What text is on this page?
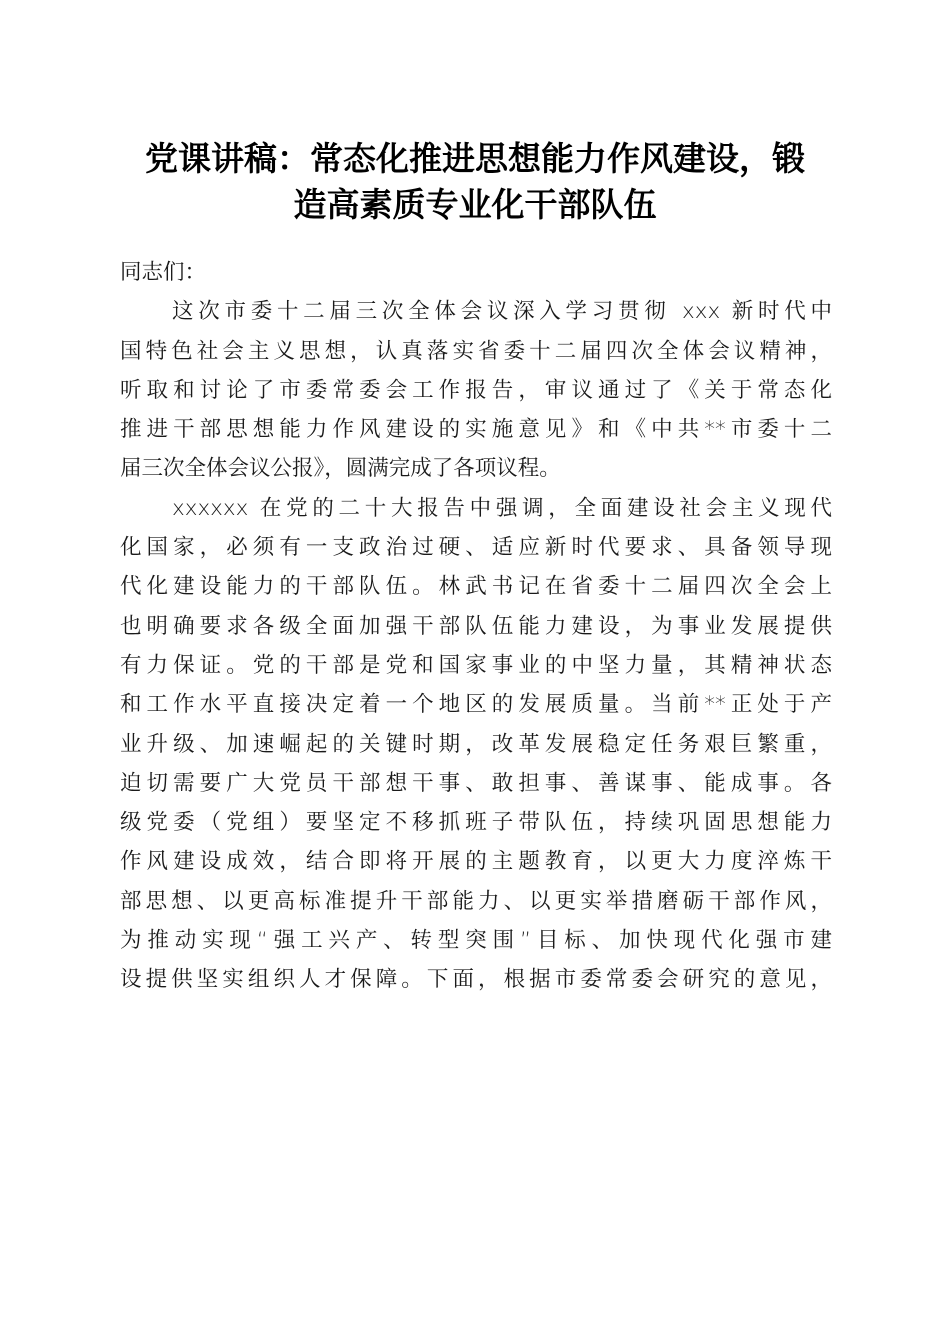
党课讲稿：常态化推进思想能力作风建设，锻
造高素质专业化干部队伍
同志们：
这次市委十二届三次全体会议深入学习贯彻 xxx 新时代中
国特色社会主义思想，认真落实省委十二届四次全体会议精神，
听取和讨论了市委常委会工作报告，审议通过了《关于常态化
推进干部思想能力作风建设的实施意见》和《中共**市委十二
届三次全体会议公报》，圆满完成了各项议程。
xxxxxx 在党的二十大报告中强调，全面建设社会主义现代
化国家，必须有一支政治过硬、适应新时代要求、具备领导现
代化建设能力的干部队伍。林武书记在省委十二届四次全会上
也明确要求各级全面加强干部队伍能力建设，为事业发展提供
有力保证。党的干部是党和国家事业的中坚力量，其精神状态
和工作水平直接决定着一个地区的发展质量。当前**正处于产
业升级、加速崛起的关键时期，改革发展稳定任务艰巨繁重，
迫切需要广大党员干部想干事、敢担事、善谋事、能成事。各
级党委（党组）要坚定不移抓班子带队伍，持续巩固思想能力
作风建设成效，结合即将开展的主题教育，以更大力度淬炼干
部思想、以更高标准提升干部能力、以更实举措磨砺干部作风，
为推动实现“强工兴产、转型突围”目标、加快现代化强市建
设提供坚实组织人才保障。下面，根据市委常委会研究的意见，
